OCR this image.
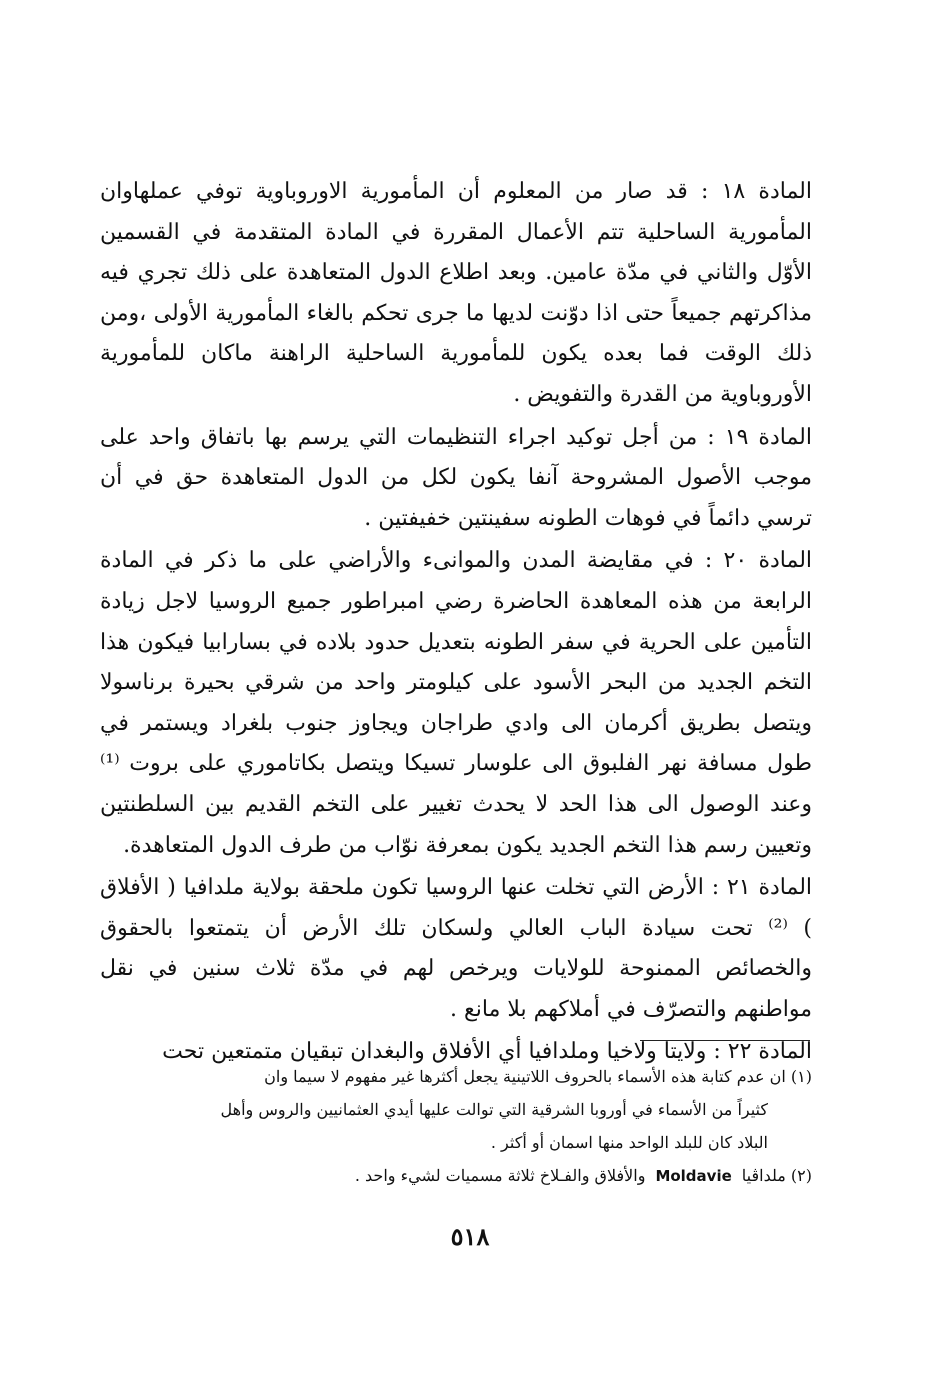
المادة ١٨ : قد صار من المعلوم أن المأمورية الاوروباوية توفي عملهاوان المأمورية الساحلية تتم الأعمال المقررة في المادة المتقدمة في القسمين الأوّل والثاني في مدّة عامين. وبعد اطلاع الدول المتعاهدة على ذلك تجري فيه مذاكرتهم جميعاً حتى اذا دوّنت لديها ما جرى تحكم بالغاء المأمورية الأولى ،ومن ذلك الوقت فما بعده يكون للمأمورية الساحلية الراهنة ماكان للمأمورية الأوروباوية من القدرة والتفويض .

المادة ١٩ : من أجل توكيد اجراء التنظيمات التي يرسم بها باتفاق واحد على موجب الأصول المشروحة آنفا يكون لكل من الدول المتعاهدة حق في أن ترسي دائماً في فوهات الطونه سفينتين خفيفتين .

المادة ٢٠ : في مقايضة المدن والموانىء والأراضي على ما ذكر في المادة الرابعة من هذه المعاهدة الحاضرة رضي امبراطور جميع الروسيا لاجل زيادة التأمين على الحرية في سفر الطونه بتعديل حدود بلاده في بسارابيا فيكون هذا التخم الجديد من البحر الأسود على كيلومتر واحد من شرقي بحيرة برناسولا ويتصل بطريق أكرمان الى وادي طراجان ويجاوز جنوب بلغراد ويستمر في طول مسافة نهر الفلبوق الى علوسار تسيكا ويتصل بكاتاموري على بروت ⁽¹⁾ وعند الوصول الى هذا الحد لا يحدث تغيير على التخم القديم بين السلطنتين وتعيين رسم هذا التخم الجديد يكون بمعرفة نوّاب من طرف الدول المتعاهدة.

المادة ٢١ : الأرض التي تخلت عنها الروسيا تكون ملحقة بولاية ملدافيا ( الأفلاق ) ⁽²⁾ تحت سيادة الباب العالي ولسكان تلك الأرض أن يتمتعوا بالحقوق والخصائص الممنوحة للولايات ويرخص لهم في مدّة ثلاث سنين في نقل مواطنهم والتصرّف في أملاكهم بلا مانع .

المادة ٢٢ : ولايتا ولاخيا وملدافيا أي الأفلاق والبغدان تبقيان متمتعين تحت

(١) ان عدم كتابة هذه الأسماء بالحروف اللاتينية يجعل أكثرها غير مفهوم لا سيما وان

كثيراً من الأسماء في أوروبا الشرقية التي توالت عليها أيدي العثمانيين والروس وأهل

البلاد كان للبلد الواحد منها اسمان أو أكثر .

(٢) ملداڤياMoldavieوالأفلاق والفـلاخ ثلاثة مسميات لشيء واحد .

٥١٨
